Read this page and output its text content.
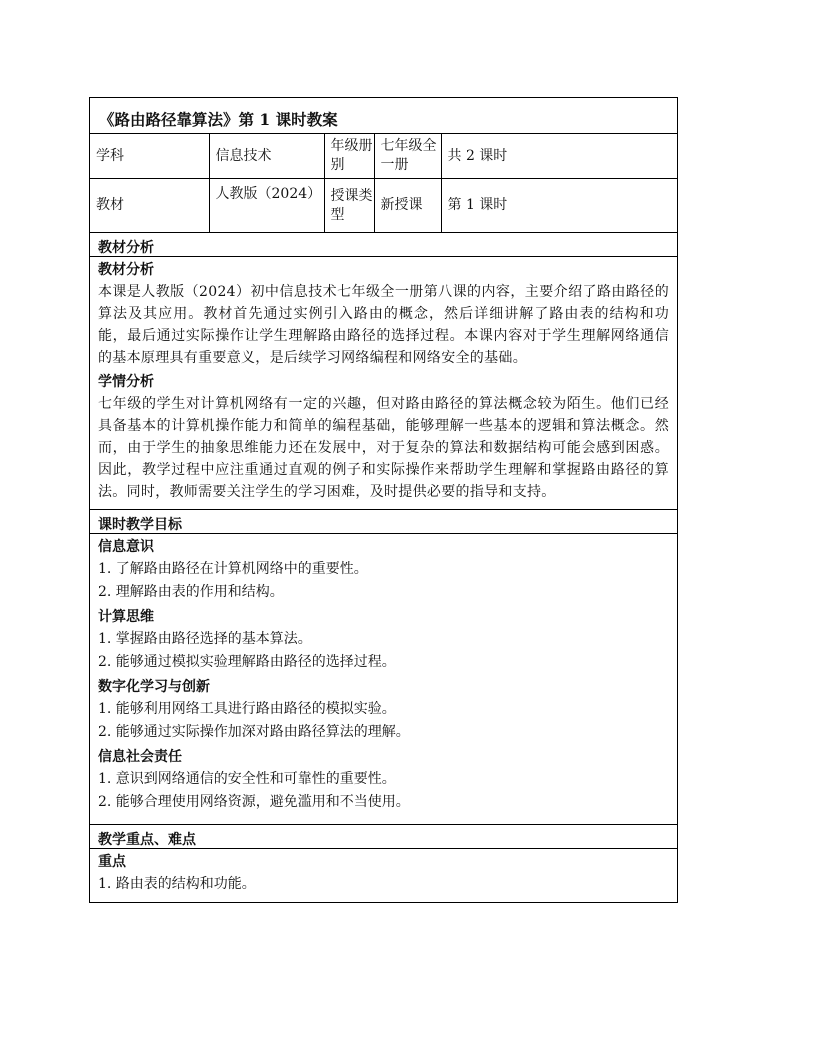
《路由路径靠算法》第 1 课时教案
学科	信息技术	年级册别	七年级全一册	共 2 课时
教材	人教版（2024）	授课类型	新授课	第 1 课时
教材分析
教材分析
本课是人教版（2024）初中信息技术七年级全一册第八课的内容，主要介绍了路由路径的算法及其应用。教材首先通过实例引入路由的概念，然后详细讲解了路由表的结构和功能，最后通过实际操作让学生理解路由路径的选择过程。本课内容对于学生理解网络通信的基本原理具有重要意义，是后续学习网络编程和网络安全的基础。
学情分析
七年级的学生对计算机网络有一定的兴趣，但对路由路径的算法概念较为陌生。他们已经具备基本的计算机操作能力和简单的编程基础，能够理解一些基本的逻辑和算法概念。然而，由于学生的抽象思维能力还在发展中，对于复杂的算法和数据结构可能会感到困惑。因此，教学过程中应注重通过直观的例子和实际操作来帮助学生理解和掌握路由路径的算法。同时，教师需要关注学生的学习困难，及时提供必要的指导和支持。
课时教学目标
信息意识
1. 了解路由路径在计算机网络中的重要性。
2. 理解路由表的作用和结构。
计算思维
1. 掌握路由路径选择的基本算法。
2. 能够通过模拟实验理解路由路径的选择过程。
数字化学习与创新
1. 能够利用网络工具进行路由路径的模拟实验。
2. 能够通过实际操作加深对路由路径算法的理解。
信息社会责任
1. 意识到网络通信的安全性和可靠性的重要性。
2. 能够合理使用网络资源，避免滥用和不当使用。
教学重点、难点
重点
1. 路由表的结构和功能。
